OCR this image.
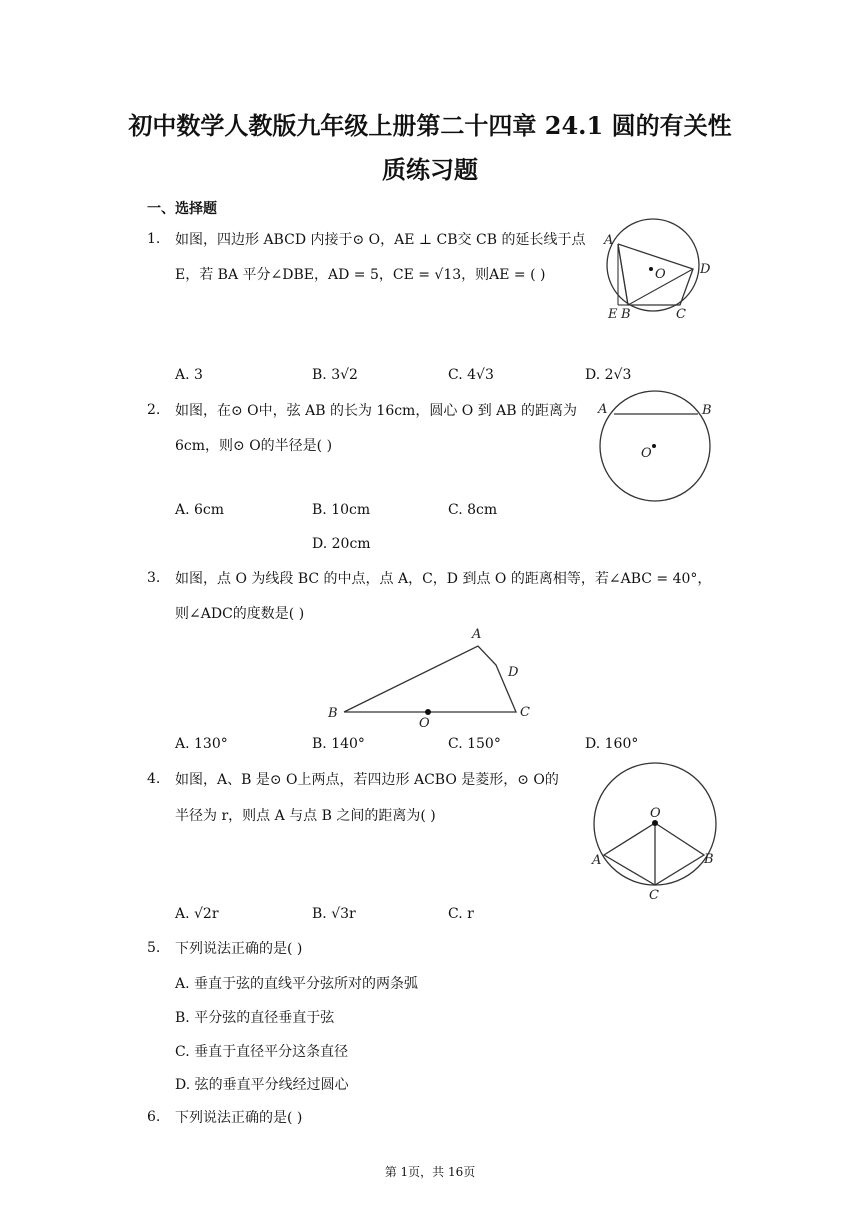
初中数学人教版九年级上册第二十四章 24.1 圆的有关性
质练习题
一、选择题
1. 如图，四边形 ABCD 内接于⊙ O，AE ⊥ CB交 CB 的延长线于点
E，若 BA 平分∠DBE，AD = 5，CE = √13，则AE = ( )
A
D
E B	C
O
A. 3	B. 3√2	C. 4√3	D. 2√3
2. 如图，在⊙ O中，弦 AB 的长为 16cm，圆心 O 到 AB 的距离为
6cm，则⊙ O的半径是( )
A	B
O
A. 6cm	B. 10cm	C. 8cm
D. 20cm
3. 如图，点 O 为线段 BC 的中点，点 A，C，D 到点 O 的距离相等，若∠ABC = 40°，
则∠ADC的度数是( )
A
D
B
O
C
A. 130°	B. 140°	C. 150°	D. 160°
4. 如图，A、B 是⊙ O上两点，若四边形 ACBO 是菱形，⊙ O的
半径为 r，则点 A 与点 B 之间的距离为( )	O
A	B
C
A. √2r	B. √3r	C. r
5. 下列说法正确的是( )
A. 垂直于弦的直线平分弦所对的两条弧
B. 平分弦的直径垂直于弦
C. 垂直于直径平分这条直径
D. 弦的垂直平分线经过圆心
6. 下列说法正确的是( )
第 1页，共 16页
